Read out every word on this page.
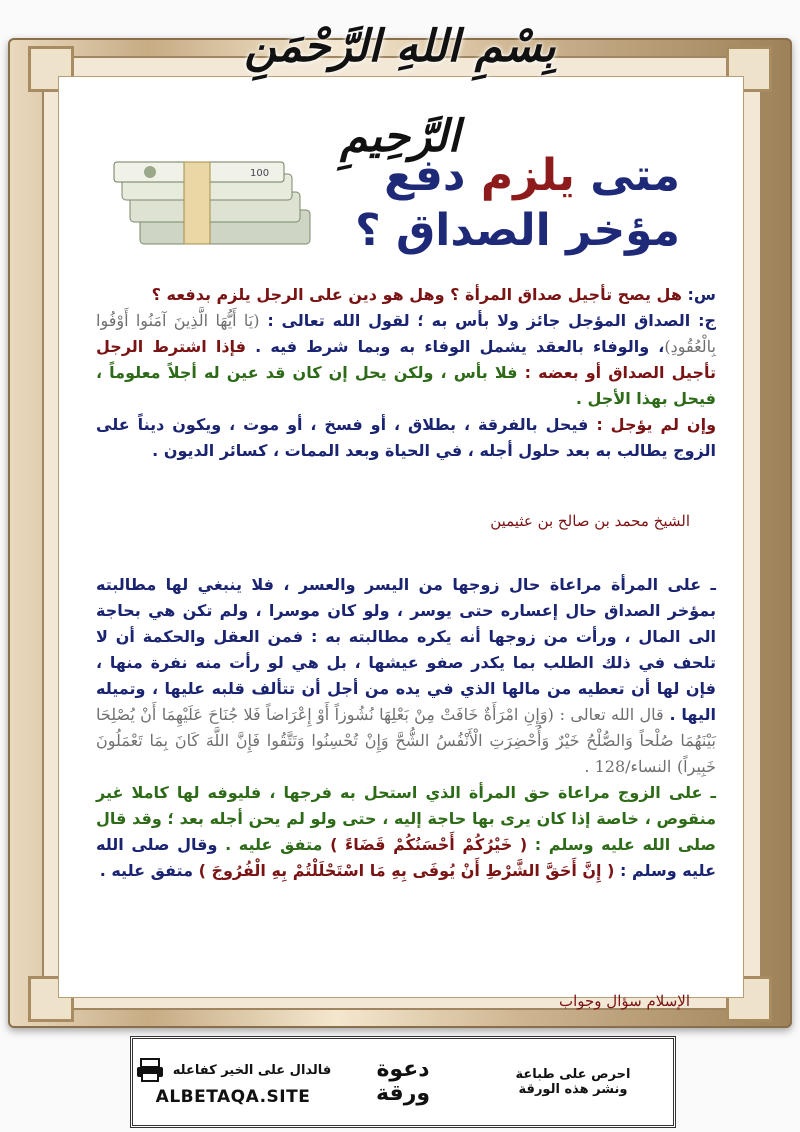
بِسْمِ اللهِ الرَّحْمَنِ الرَّحِيمِ
100	متى يلزم دفع
مؤخر الصداق ؟
س: هل يصح تأجيل صداق المرأة ؟ وهل هو دين على الرجل يلزم بدفعه ؟
ج: الصداق المؤجل جائز ولا بأس به ؛ لقول الله تعالى : (يَا أَيُّهَا الَّذِينَ آمَنُوا أَوْفُوا بِالْعُقُودِ)، والوفاء بالعقد يشمل الوفاء به وبما شرط فيه . فإذا اشترط الرجل تأجيل الصداق أو بعضه : فلا بأس ، ولكن يحل إن كان قد عين له أجلاً معلوماً ، فيحل بهذا الأجل .
وإن لم يؤجل : فيحل بالفرقة ، بطلاق ، أو فسخ ، أو موت ، ويكون ديناً على الزوج يطالب به بعد حلول أجله ، في الحياة وبعد الممات ، كسائر الديون .
الشيخ محمد بن صالح بن عثيمين
ـ على المرأة مراعاة حال زوجها من اليسر والعسر ، فلا ينبغي لها مطالبته بمؤخر الصداق حال إعساره حتى يوسر ، ولو كان موسرا ، ولم تكن هي بحاجة الى المال ، ورأت من زوجها أنه يكره مطالبته به : فمن العقل والحكمة أن لا تلحف في ذلك الطلب بما يكدر صفو عيشها ، بل هي لو رأت منه نفرة منها ، فإن لها أن تعطيه من مالها الذي في يده من أجل أن تتألف قلبه عليها ، وتميله اليها . قال الله تعالى : (وَإِنِ امْرَأَةٌ خَافَتْ مِنْ بَعْلِهَا نُشُوزاً أَوْ إِعْرَاضاً فَلا جُنَاحَ عَلَيْهِمَا أَنْ يُصْلِحَا بَيْنَهُمَا صُلْحاً وَالصُّلْحُ خَيْرٌ وَأُحْضِرَتِ الْأَنْفُسُ الشُّحَّ وَإِنْ تُحْسِنُوا وَتَتَّقُوا فَإِنَّ اللَّهَ كَانَ بِمَا تَعْمَلُونَ خَبِيراً) النساء/128 .
ـ على الزوج مراعاة حق المرأة الذي استحل به فرجها ، فليوفه لها كاملا غير منقوص ، خاصة إذا كان يرى بها حاجة إليه ، حتى ولو لم يحن أجله بعد ؛ وقد قال صلى الله عليه وسلم : ( خَيْرُكُمْ أَحْسَنُكُمْ قَضَاءً ) متفق عليه . وقال صلى الله عليه وسلم : ( إِنَّ أَحَقَّ الشَّرْطِ أَنْ يُوفَى بِهِ مَا اسْتَحْلَلْتُمْ بِهِ الْفُرُوجَ ) متفق عليه .
الإسلام سؤال وجواب
احرص على طباعة
ونشر هذه الورقة
دعوة
ورقة
فالدال على الخير كفاعله
ALBETAQA.SITE
